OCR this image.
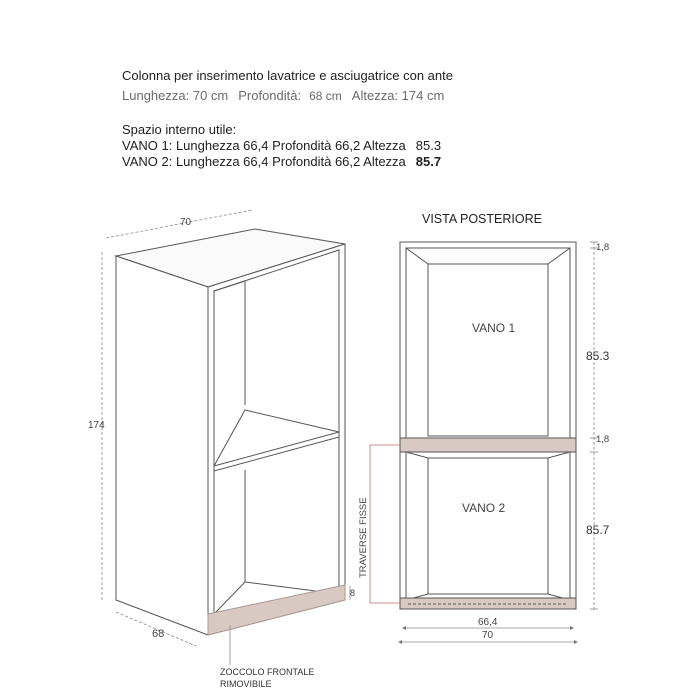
Colonna per inserimento lavatrice e asciugatrice con ante
Lunghezza: 70 cm Profondità: 68 cm Altezza: 174 cm
Spazio interno utile:
VANO 1: Lunghezza 66,4 Profondità 66,2 Altezza 85.3
VANO 2: Lunghezza 66,4 Profondità 66,2 Altezza 85.7
70
174
68
8
ZOCCOLO FRONTALE
RIMOVIBILE
VISTA POSTERIORE
VANO 1
VANO 2
TRAVERSE FISSE
1,8
85.3
1,8
85.7
66,4
70
